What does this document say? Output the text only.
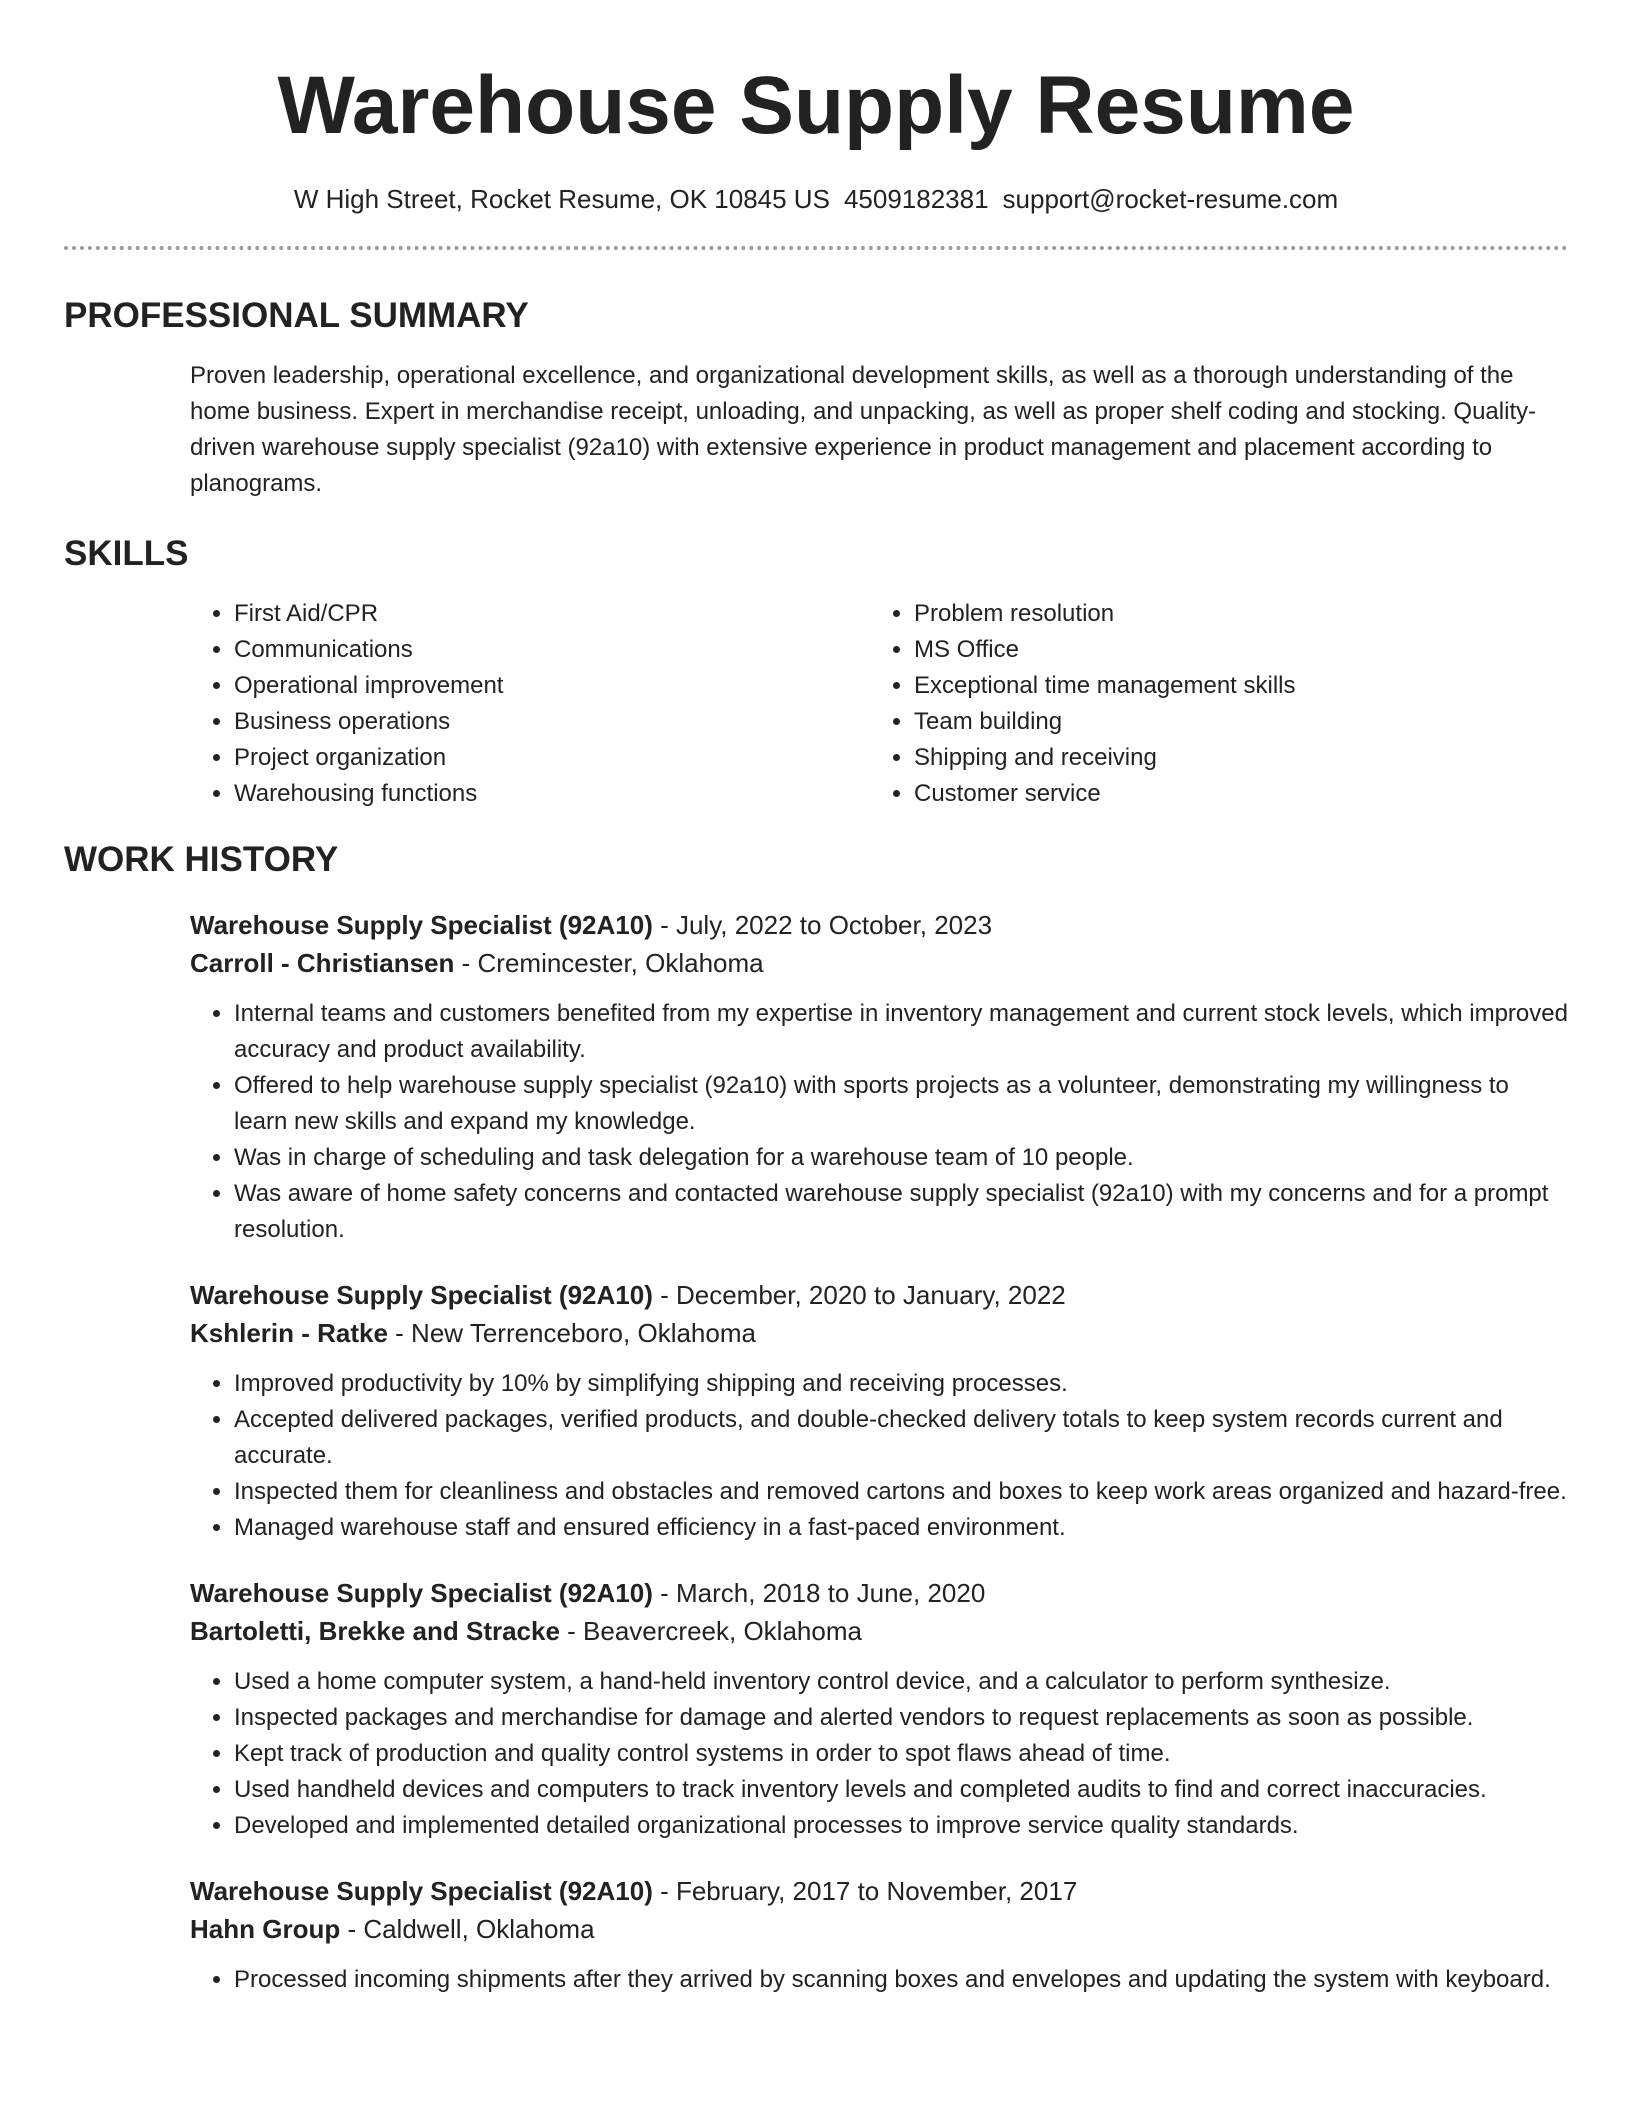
Warehouse Supply Resume
W High Street, Rocket Resume, OK 10845 US 4509182381 support@rocket-resume.com
PROFESSIONAL SUMMARY

Proven leadership, operational excellence, and organizational development skills, as well as a thorough understanding of the home business. Expert in merchandise receipt, unloading, and unpacking, as well as proper shelf coding and stocking. Quality-driven warehouse supply specialist (92a10) with extensive experience in product management and placement according to planograms.

SKILLS
• First Aid/CPR
• Communications
• Operational improvement
• Business operations
• Project organization
• Warehousing functions
• Problem resolution
• MS Office
• Exceptional time management skills
• Team building
• Shipping and receiving
• Customer service
WORK HISTORY
Warehouse Supply Specialist (92A10) - July, 2022 to October, 2023
Carroll - Christiansen - Cremincester, Oklahoma
• Internal teams and customers benefited from my expertise in inventory management and current stock levels, which improved accuracy and product availability.
• Offered to help warehouse supply specialist (92a10) with sports projects as a volunteer, demonstrating my willingness to learn new skills and expand my knowledge.
• Was in charge of scheduling and task delegation for a warehouse team of 10 people.
• Was aware of home safety concerns and contacted warehouse supply specialist (92a10) with my concerns and for a prompt resolution.
Warehouse Supply Specialist (92A10) - December, 2020 to January, 2022
Kshlerin - Ratke - New Terrenceboro, Oklahoma
• Improved productivity by 10% by simplifying shipping and receiving processes.
• Accepted delivered packages, verified products, and double-checked delivery totals to keep system records current and accurate.
• Inspected them for cleanliness and obstacles and removed cartons and boxes to keep work areas organized and hazard-free.
• Managed warehouse staff and ensured efficiency in a fast-paced environment.
Warehouse Supply Specialist (92A10) - March, 2018 to June, 2020
Bartoletti, Brekke and Stracke - Beavercreek, Oklahoma
• Used a home computer system, a hand-held inventory control device, and a calculator to perform synthesize.
• Inspected packages and merchandise for damage and alerted vendors to request replacements as soon as possible.
• Kept track of production and quality control systems in order to spot flaws ahead of time.
• Used handheld devices and computers to track inventory levels and completed audits to find and correct inaccuracies.
• Developed and implemented detailed organizational processes to improve service quality standards.
Warehouse Supply Specialist (92A10) - February, 2017 to November, 2017
Hahn Group - Caldwell, Oklahoma
• Processed incoming shipments after they arrived by scanning boxes and envelopes and updating the system with keyboard.
